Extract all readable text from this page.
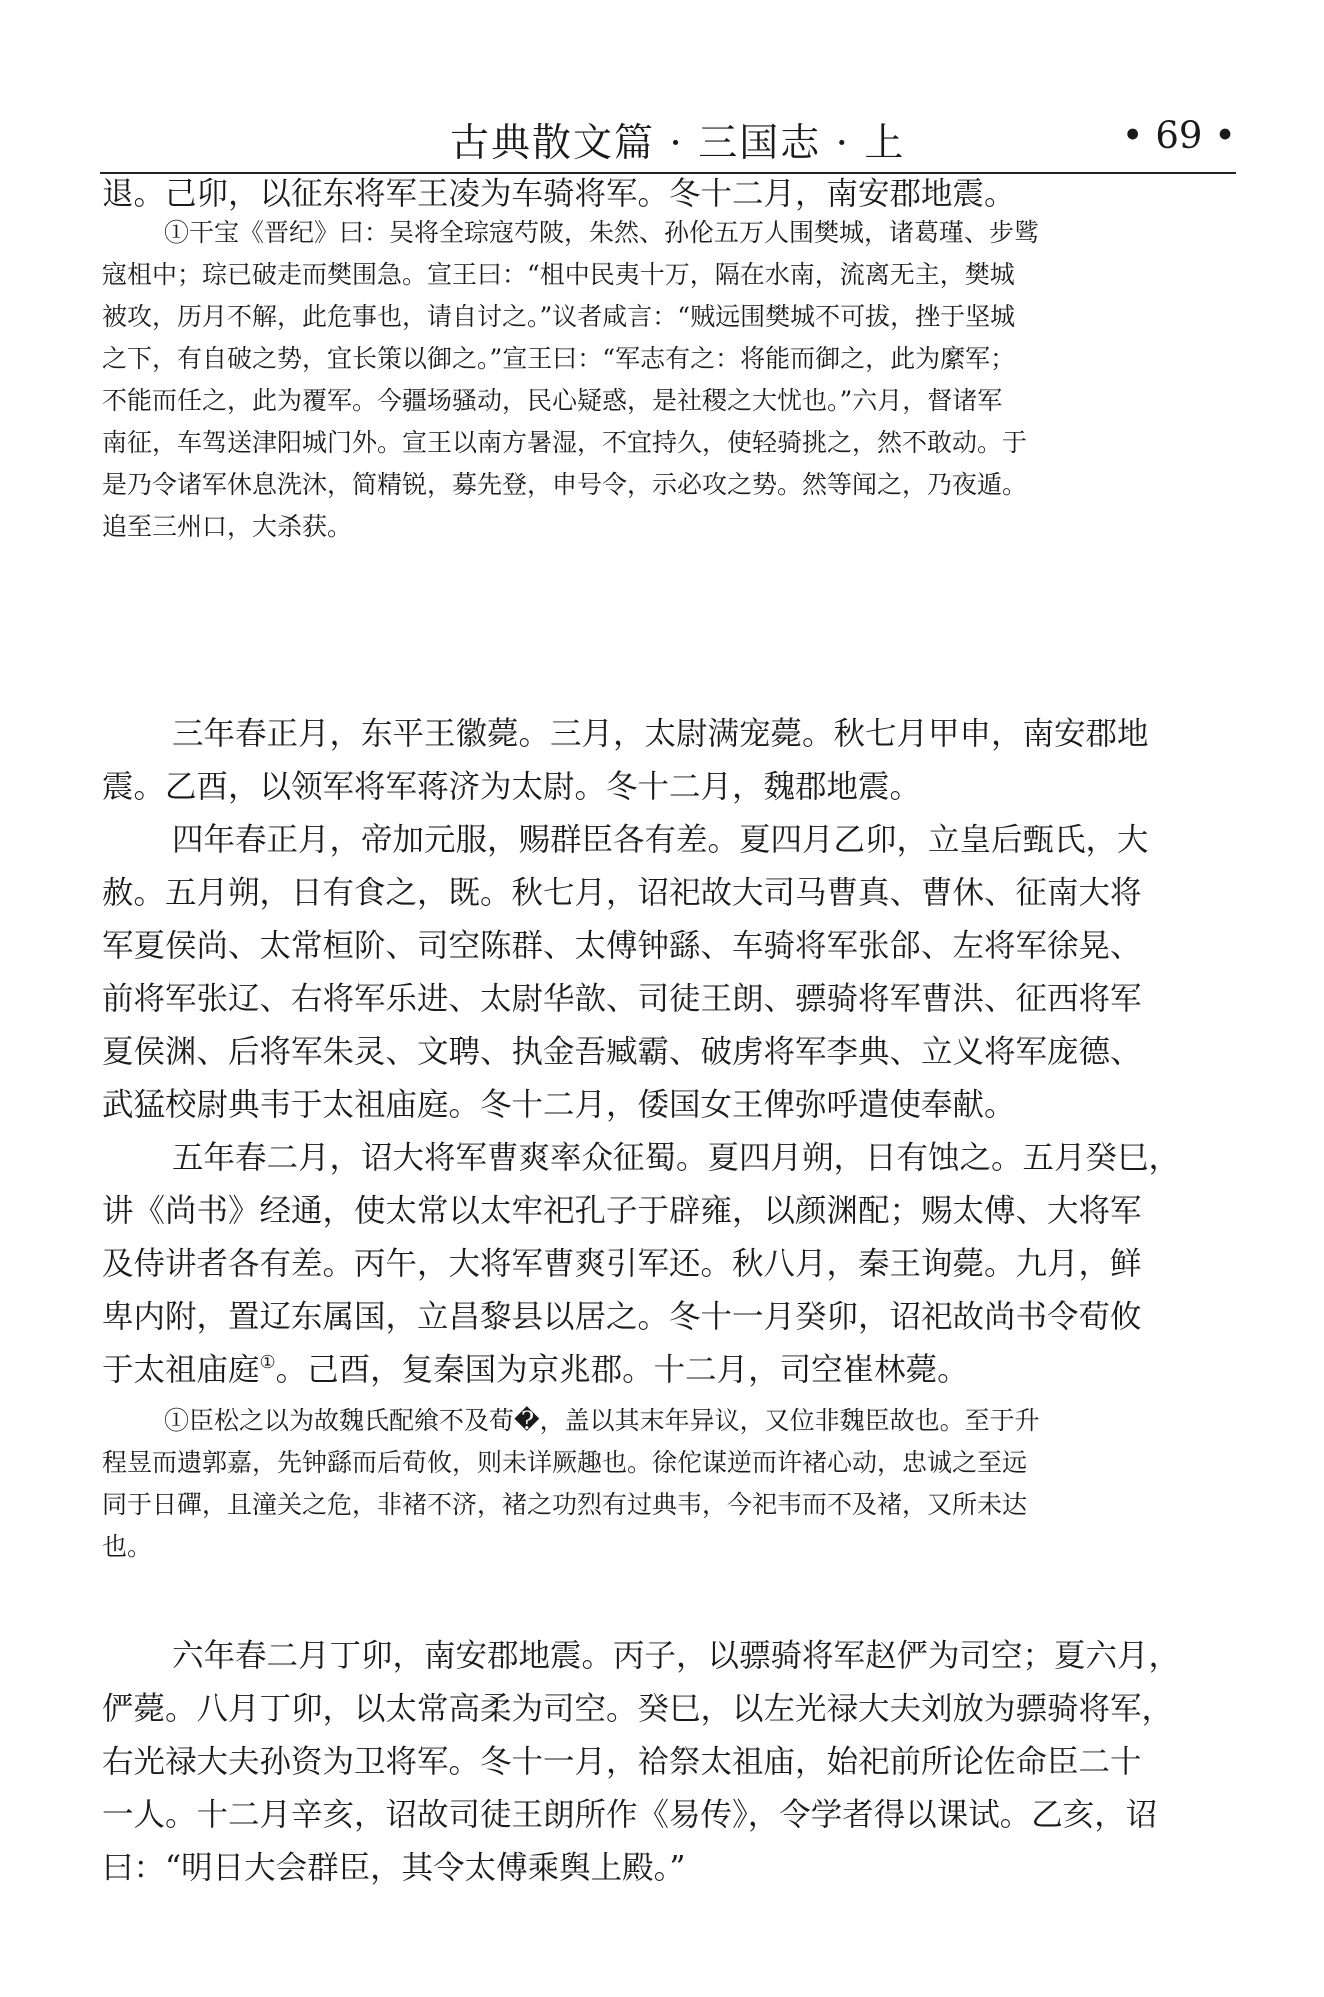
古典散文篇 · 三国志 · 上	• 69 •

退。己卯，以征东将军王凌为车骑将军。冬十二月，南安郡地震。

①干宝《晋纪》曰：吴将全琮寇芍陂，朱然、孙伦五万人围樊城，诸葛瑾、步骘
寇柤中；琮已破走而樊围急。宣王曰：“柤中民夷十万，隔在水南，流离无主，樊城
被攻，历月不解，此危事也，请自讨之。”议者咸言：“贼远围樊城不可拔，挫于坚城
之下，有自破之势，宜长策以御之。”宣王曰：“军志有之：将能而御之，此为縻军；
不能而任之，此为覆军。今疆场骚动，民心疑惑，是社稷之大忧也。”六月，督诸军
南征，车驾送津阳城门外。宣王以南方暑湿，不宜持久，使轻骑挑之，然不敢动。于
是乃令诸军休息洗沐，简精锐，募先登，申号令，示必攻之势。然等闻之，乃夜遁。
追至三州口，大杀获。

三年春正月，东平王徽薨。三月，太尉满宠薨。秋七月甲申，南安郡地
震。乙酉，以领军将军蒋济为太尉。冬十二月，魏郡地震。

四年春正月，帝加元服，赐群臣各有差。夏四月乙卯，立皇后甄氏，大
赦。五月朔，日有食之，既。秋七月，诏祀故大司马曹真、曹休、征南大将
军夏侯尚、太常桓阶、司空陈群、太傅钟繇、车骑将军张郃、左将军徐晃、
前将军张辽、右将军乐进、太尉华歆、司徒王朗、骠骑将军曹洪、征西将军
夏侯渊、后将军朱灵、文聘、执金吾臧霸、破虏将军李典、立义将军庞德、
武猛校尉典韦于太祖庙庭。冬十二月，倭国女王俾弥呼遣使奉献。

五年春二月，诏大将军曹爽率众征蜀。夏四月朔，日有蚀之。五月癸巳，
讲《尚书》经通，使太常以太牢祀孔子于辟雍，以颜渊配；赐太傅、大将军
及侍讲者各有差。丙午，大将军曹爽引军还。秋八月，秦王询薨。九月，鲜
卑内附，置辽东属国，立昌黎县以居之。冬十一月癸卯，诏祀故尚书令荀攸
于太祖庙庭①。己酉，复秦国为京兆郡。十二月，司空崔林薨。

①臣松之以为故魏氏配飨不及荀�，盖以其末年异议，又位非魏臣故也。至于升
程昱而遗郭嘉，先钟繇而后荀攸，则未详厥趣也。徐佗谋逆而许褚心动，忠诚之至远
同于日磾，且潼关之危，非褚不济，褚之功烈有过典韦，今祀韦而不及褚，又所未达
也。

六年春二月丁卯，南安郡地震。丙子，以骠骑将军赵俨为司空；夏六月，
俨薨。八月丁卯，以太常高柔为司空。癸巳，以左光禄大夫刘放为骠骑将军，
右光禄大夫孙资为卫将军。冬十一月，祫祭太祖庙，始祀前所论佐命臣二十
一人。十二月辛亥，诏故司徒王朗所作《易传》，令学者得以课试。乙亥，诏
曰：“明日大会群臣，其令太傅乘舆上殿。”
